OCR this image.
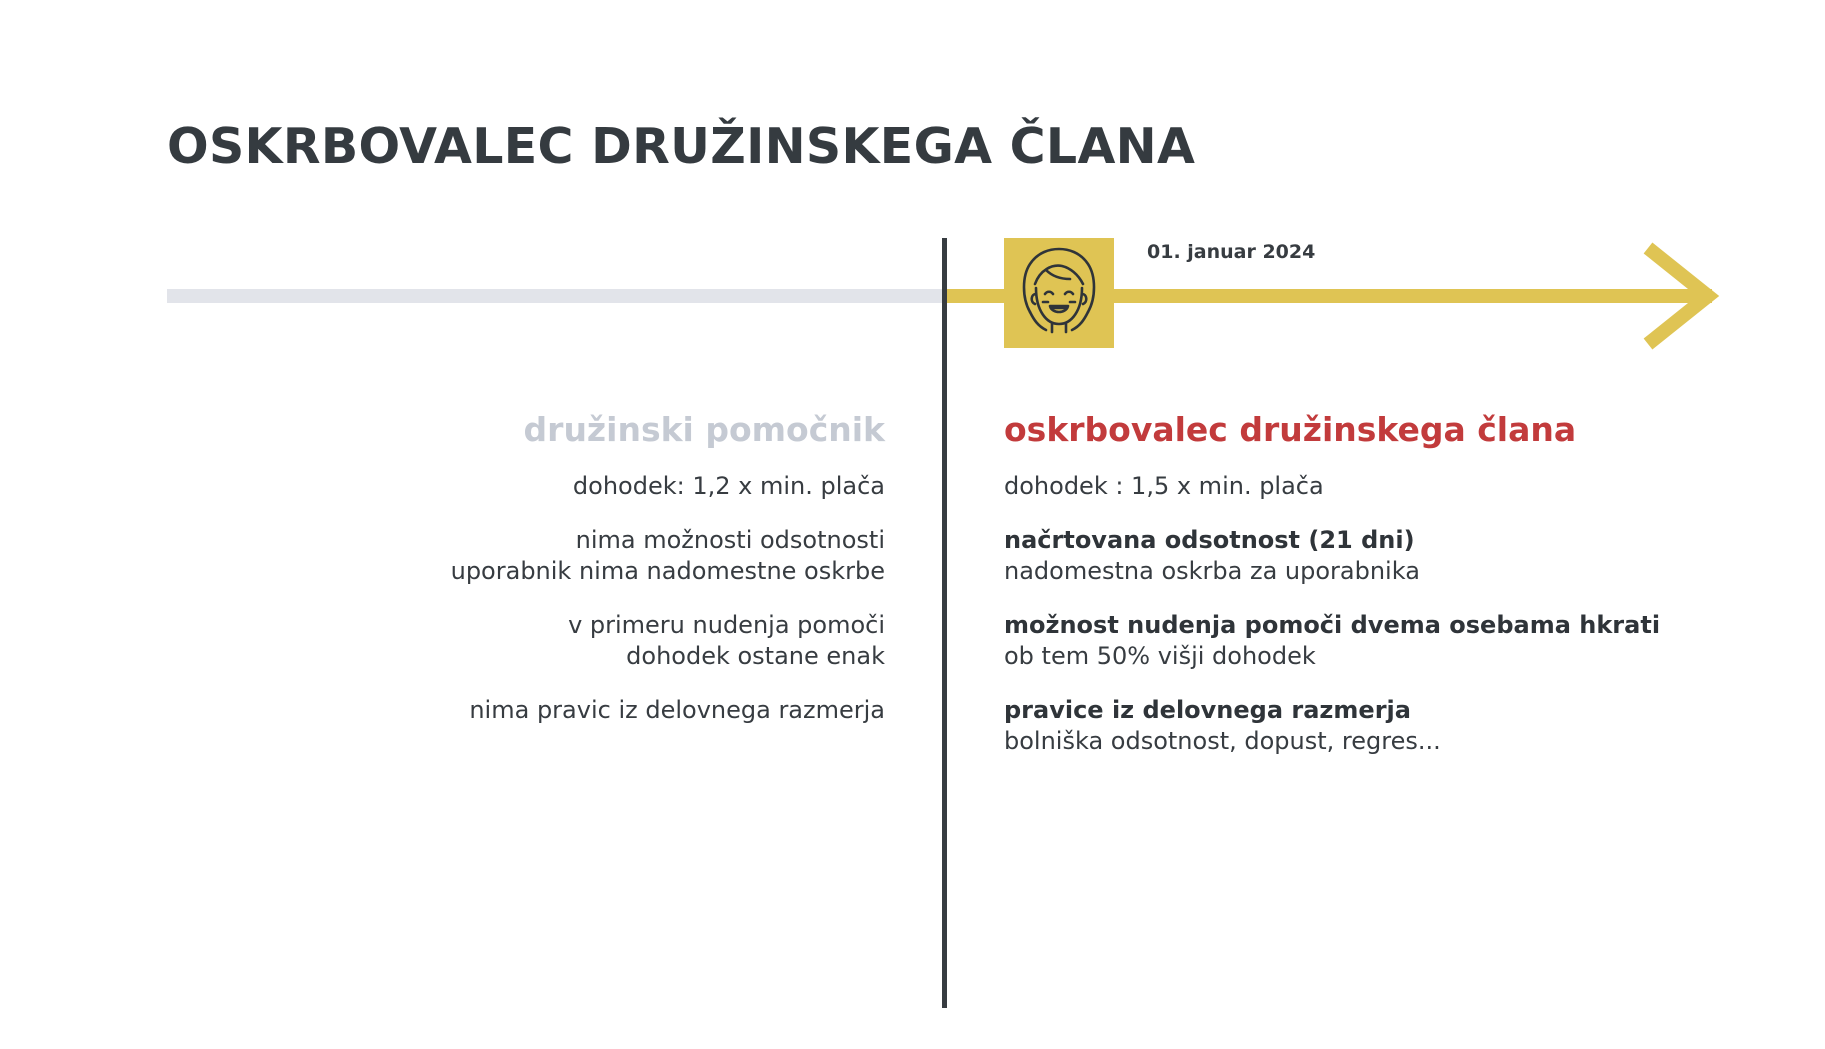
OSKRBOVALEC DRUŽINSKEGA ČLANA
01. januar 2024
družinski pomočnik

dohodek: 1,2 x min. plača

nima možnosti odsotnosti
uporabnik nima nadomestne oskrbe

v primeru nudenja pomoči
dohodek ostane enak

nima pravic iz delovnega razmerja

oskrbovalec družinskega člana

dohodek : 1,5 x min. plača

načrtovana odsotnost (21 dni)
nadomestna oskrba za uporabnika

možnost nudenja pomoči dvema osebama hkrati
ob tem 50% višji dohodek

pravice iz delovnega razmerja
bolniška odsotnost, dopust, regres...
